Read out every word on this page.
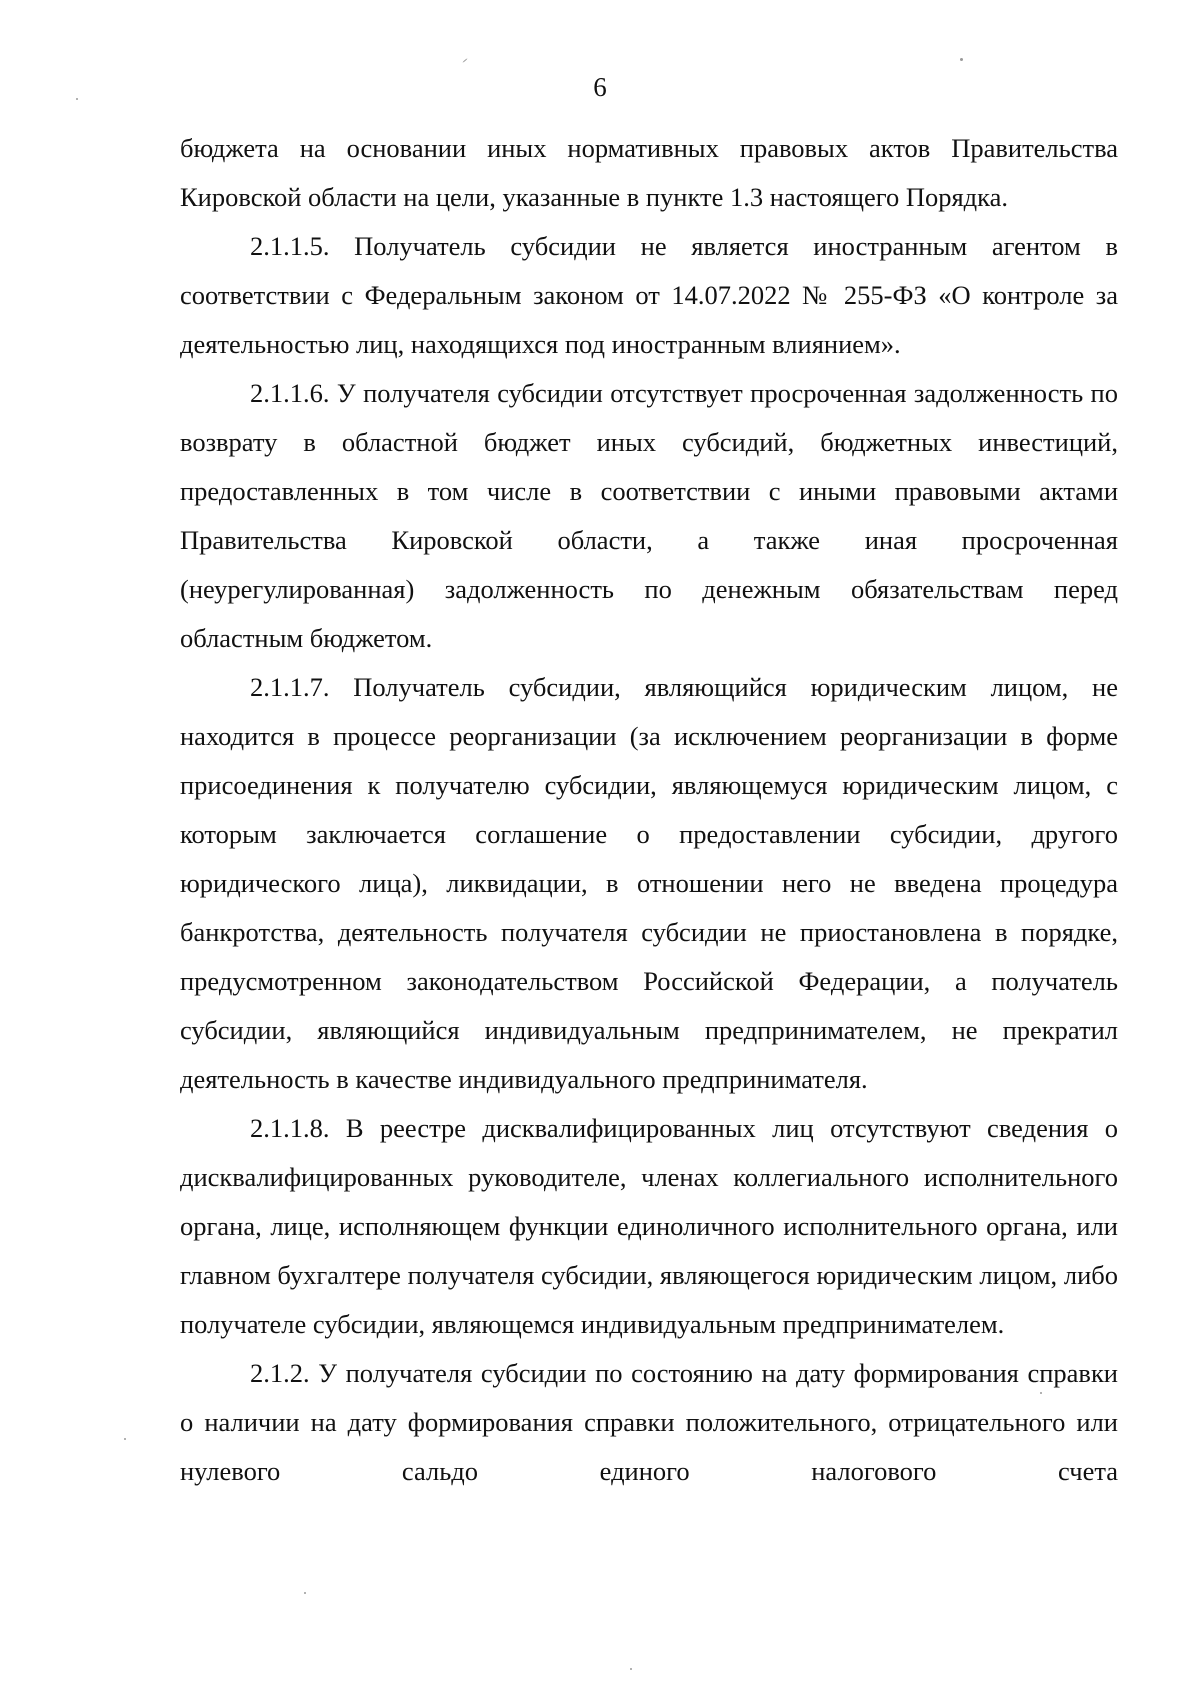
6

бюджета на основании иных нормативных правовых актов Правительства Кировской области на цели, указанные в пункте 1.3 настоящего Порядка.

2.1.1.5. Получатель субсидии не является иностранным агентом в соответствии с Федеральным законом от 14.07.2022 № 255-ФЗ «О контроле за деятельностью лиц, находящихся под иностранным влиянием».

2.1.1.6. У получателя субсидии отсутствует просроченная задолженность по возврату в областной бюджет иных субсидий, бюджетных инвестиций, предоставленных в том числе в соответствии с иными правовыми актами Правительства Кировской области, а также иная просроченная (неурегулированная) задолженность по денежным обязательствам перед областным бюджетом.

2.1.1.7. Получатель субсидии, являющийся юридическим лицом, не находится в процессе реорганизации (за исключением реорганизации в форме присоединения к получателю субсидии, являющемуся юридическим лицом, с которым заключается соглашение о предоставлении субсидии, другого юридического лица), ликвидации, в отношении него не введена процедура банкротства, деятельность получателя субсидии не приостановлена в порядке, предусмотренном законодательством Российской Федерации, а получатель субсидии, являющийся индивидуальным предпринимателем, не прекратил деятельность в качестве индивидуального предпринимателя.

2.1.1.8. В реестре дисквалифицированных лиц отсутствуют сведения о дисквалифицированных руководителе, членах коллегиального исполнительного органа, лице, исполняющем функции единоличного исполнительного органа, или главном бухгалтере получателя субсидии, являющегося юридическим лицом, либо получателе субсидии, являющемся индивидуальным предпринимателем.

2.1.2. У получателя субсидии по состоянию на дату формирования справки о наличии на дату формирования справки положительного, отрицательного или нулевого сальдо единого налогового счета
